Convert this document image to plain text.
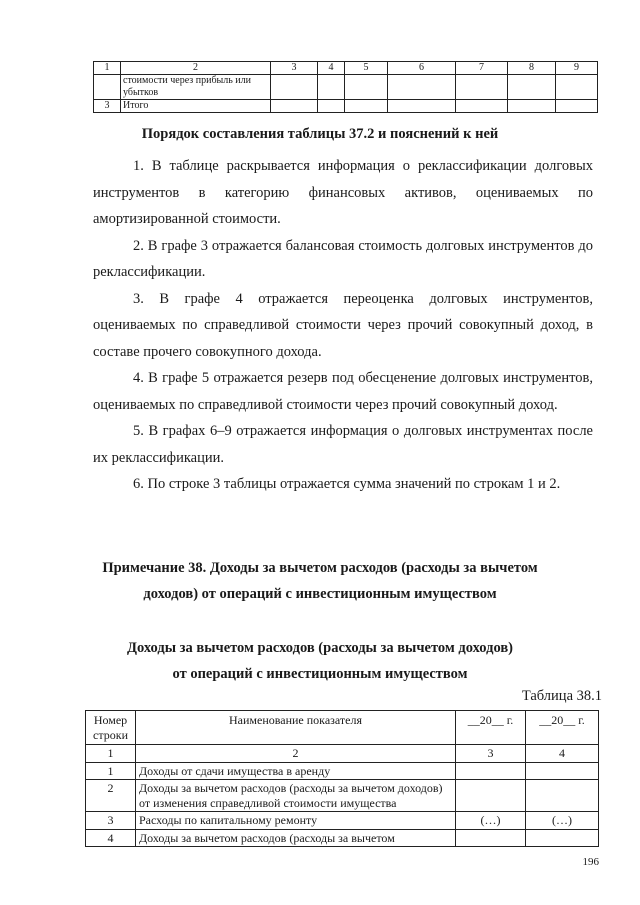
1	2	3	4	5	6	7	8	9
	стоимости через прибыль или убытков							
3	Итого							
Порядок составления таблицы 37.2 и пояснений к ней

1. В таблице раскрывается информация о реклассификации долговых инструментов в категорию финансовых активов, оцениваемых по амортизированной стоимости.

2. В графе 3 отражается балансовая стоимость долговых инструментов до реклассификации.

3. В графе 4 отражается переоценка долговых инструментов, оцениваемых по справедливой стоимости через прочий совокупный доход, в составе прочего совокупного дохода.

4. В графе 5 отражается резерв под обесценение долговых инструментов, оцениваемых по справедливой стоимости через прочий совокупный доход.

5. В графах 6–9 отражается информация о долговых инструментах после их реклассификации.

6. По строке 3 таблицы отражается сумма значений по строкам 1 и 2.

Примечание 38. Доходы за вычетом расходов (расходы за вычетом
доходов) от операций с инвестиционным имуществом
Доходы за вычетом расходов (расходы за вычетом доходов)
от операций с инвестиционным имуществом
Таблица 38.1
Номер строки	Наименование показателя	__20__ г.	__20__ г.
1	2	3	4
1	Доходы от сдачи имущества в аренду		
2	Доходы за вычетом расходов (расходы за вычетом доходов) от изменения справедливой стоимости имущества		
3	Расходы по капитальному ремонту	(…)	(…)
4	Доходы за вычетом расходов (расходы за вычетом		
196
